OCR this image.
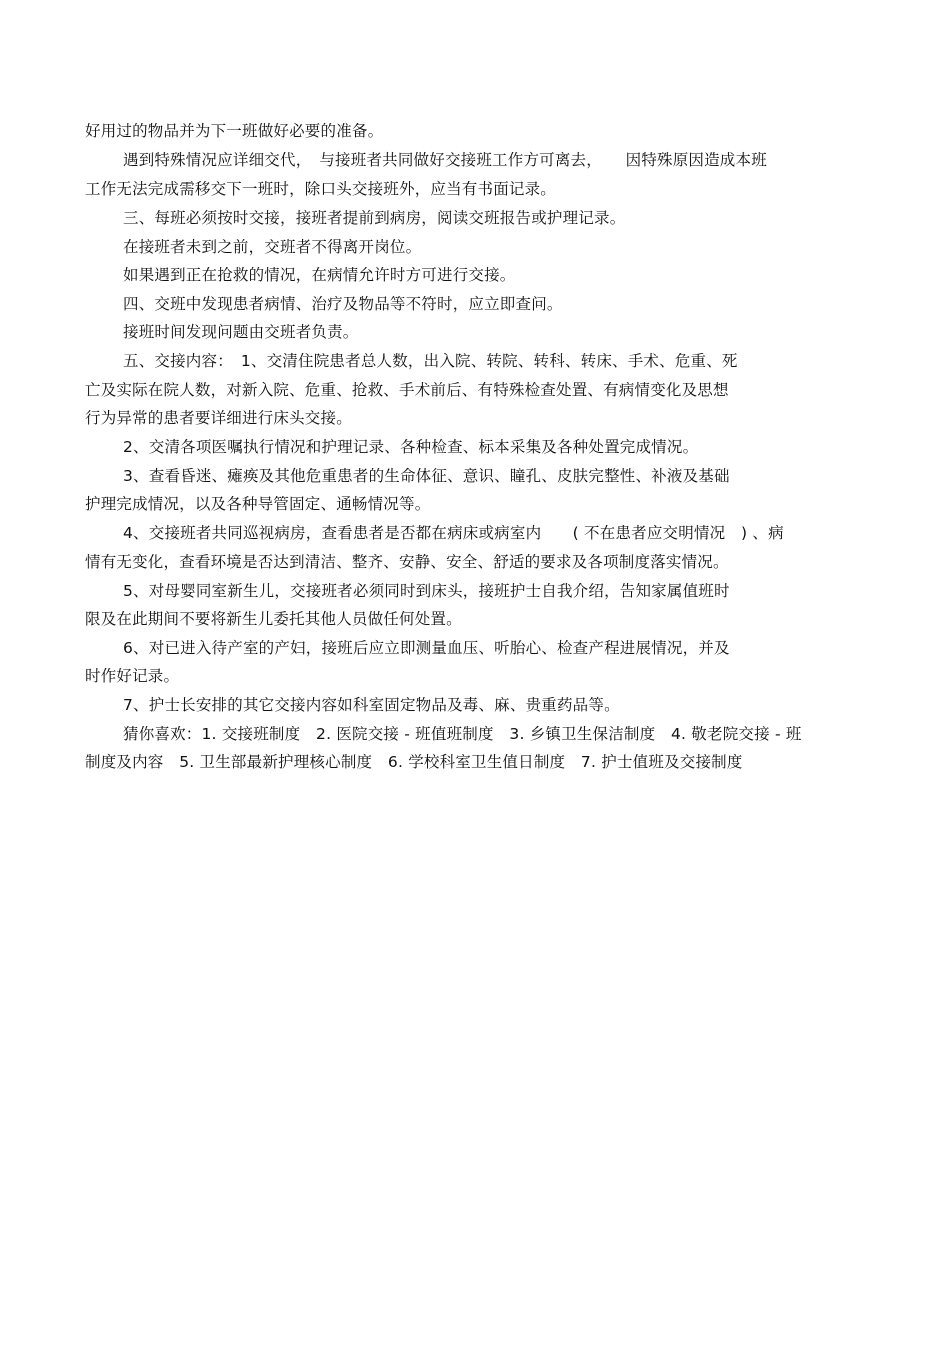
好用过的物品并为下一班做好必要的准备。
遇到特殊情况应详细交代，　与接班者共同做好交接班工作方可离去，　　因特殊原因造成本班
工作无法完成需移交下一班时，除口头交接班外，应当有书面记录。
三、每班必须按时交接，接班者提前到病房，阅读交班报告或护理记录。
在接班者未到之前，交班者不得离开岗位。
如果遇到正在抢救的情况，在病情允许时方可进行交接。
四、交班中发现患者病情、治疗及物品等不符时，应立即查问。
接班时间发现问题由交班者负责。
五、交接内容：　1、交清住院患者总人数，出入院、转院、转科、转床、手术、危重、死
亡及实际在院人数，对新入院、危重、抢救、手术前后、有特殊检查处置、有病情变化及思想
行为异常的患者要详细进行床头交接。
2、交清各项医嘱执行情况和护理记录、各种检查、标本采集及各种处置完成情况。
3、查看昏迷、瘫痪及其他危重患者的生命体征、意识、瞳孔、皮肤完整性、补液及基础
护理完成情况，以及各种导管固定、通畅情况等。
4、交接班者共同巡视病房，查看患者是否都在病床或病室内　　( 不在患者应交明情况　) 、病
情有无变化，查看环境是否达到清洁、整齐、安静、安全、舒适的要求及各项制度落实情况。
5、对母婴同室新生儿，交接班者必须同时到床头，接班护士自我介绍，告知家属值班时
限及在此期间不要将新生儿委托其他人员做任何处置。
6、对已进入待产室的产妇，接班后应立即测量血压、听胎心、检查产程进展情况，并及
时作好记录。
7、护士长安排的其它交接内容如科室固定物品及毒、麻、贵重药品等。
猜你喜欢：1. 交接班制度　2. 医院交接 - 班值班制度　3. 乡镇卫生保洁制度　4. 敬老院交接 - 班
制度及内容　5. 卫生部最新护理核心制度　6. 学校科室卫生值日制度　7. 护士值班及交接制度
